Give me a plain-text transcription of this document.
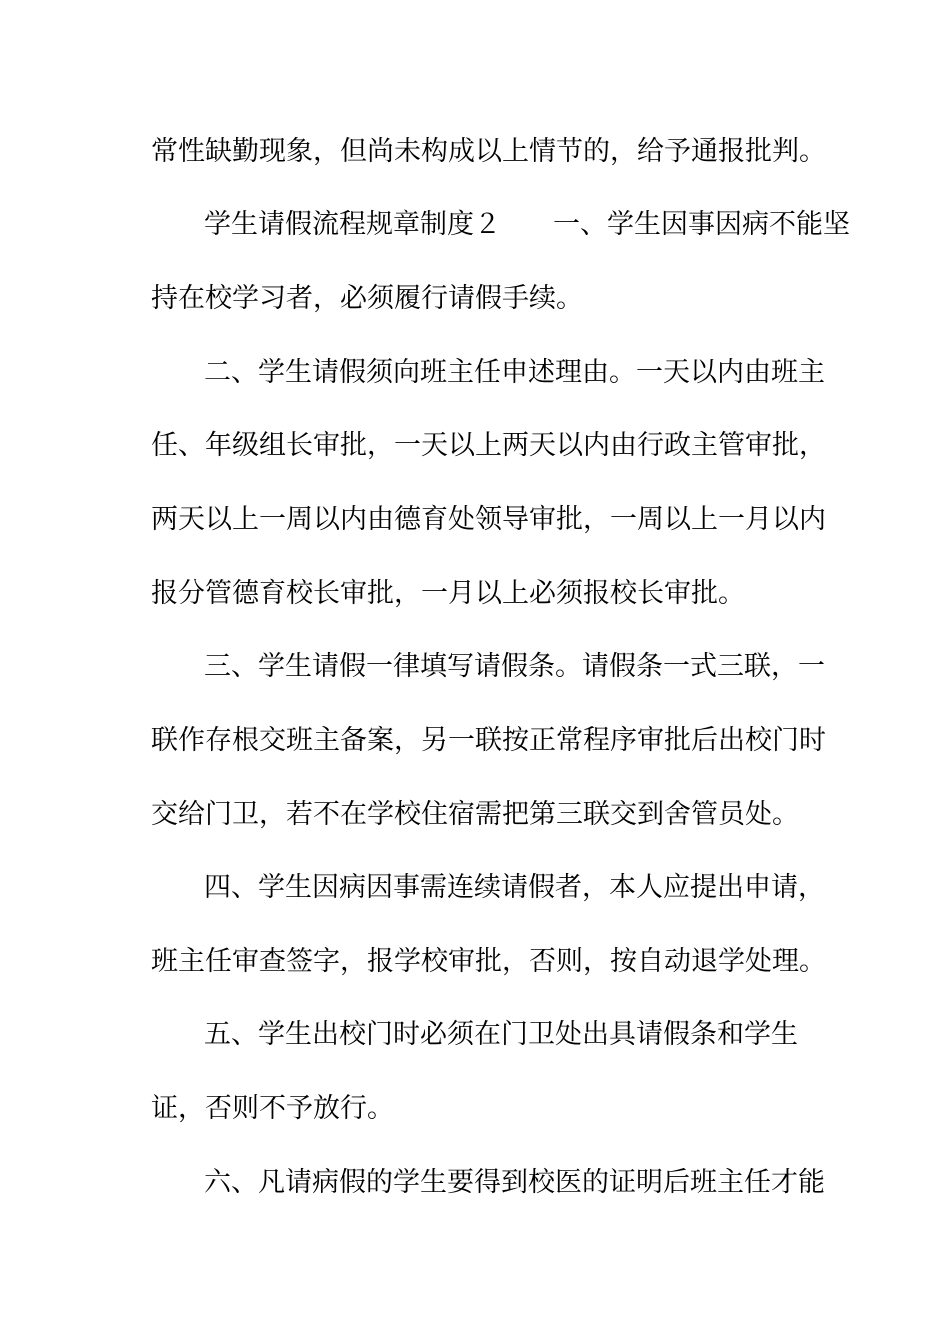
常性缺勤现象，但尚未构成以上情节的，给予通报批判。
学生请假流程规章制度２ 一、学生因事因病不能坚
持在校学习者，必须履行请假手续。
二、学生请假须向班主任申述理由。一天以内由班主
任、年级组长审批，一天以上两天以内由行政主管审批，
两天以上一周以内由德育处领导审批，一周以上一月以内
报分管德育校长审批，一月以上必须报校长审批。
三、学生请假一律填写请假条。请假条一式三联，一
联作存根交班主备案，另一联按正常程序审批后出校门时
交给门卫，若不在学校住宿需把第三联交到舍管员处。
四、学生因病因事需连续请假者，本人应提出申请，
班主任审查签字，报学校审批，否则，按自动退学处理。
五、学生出校门时必须在门卫处出具请假条和学生
证，否则不予放行。
六、凡请病假的学生要得到校医的证明后班主任才能
